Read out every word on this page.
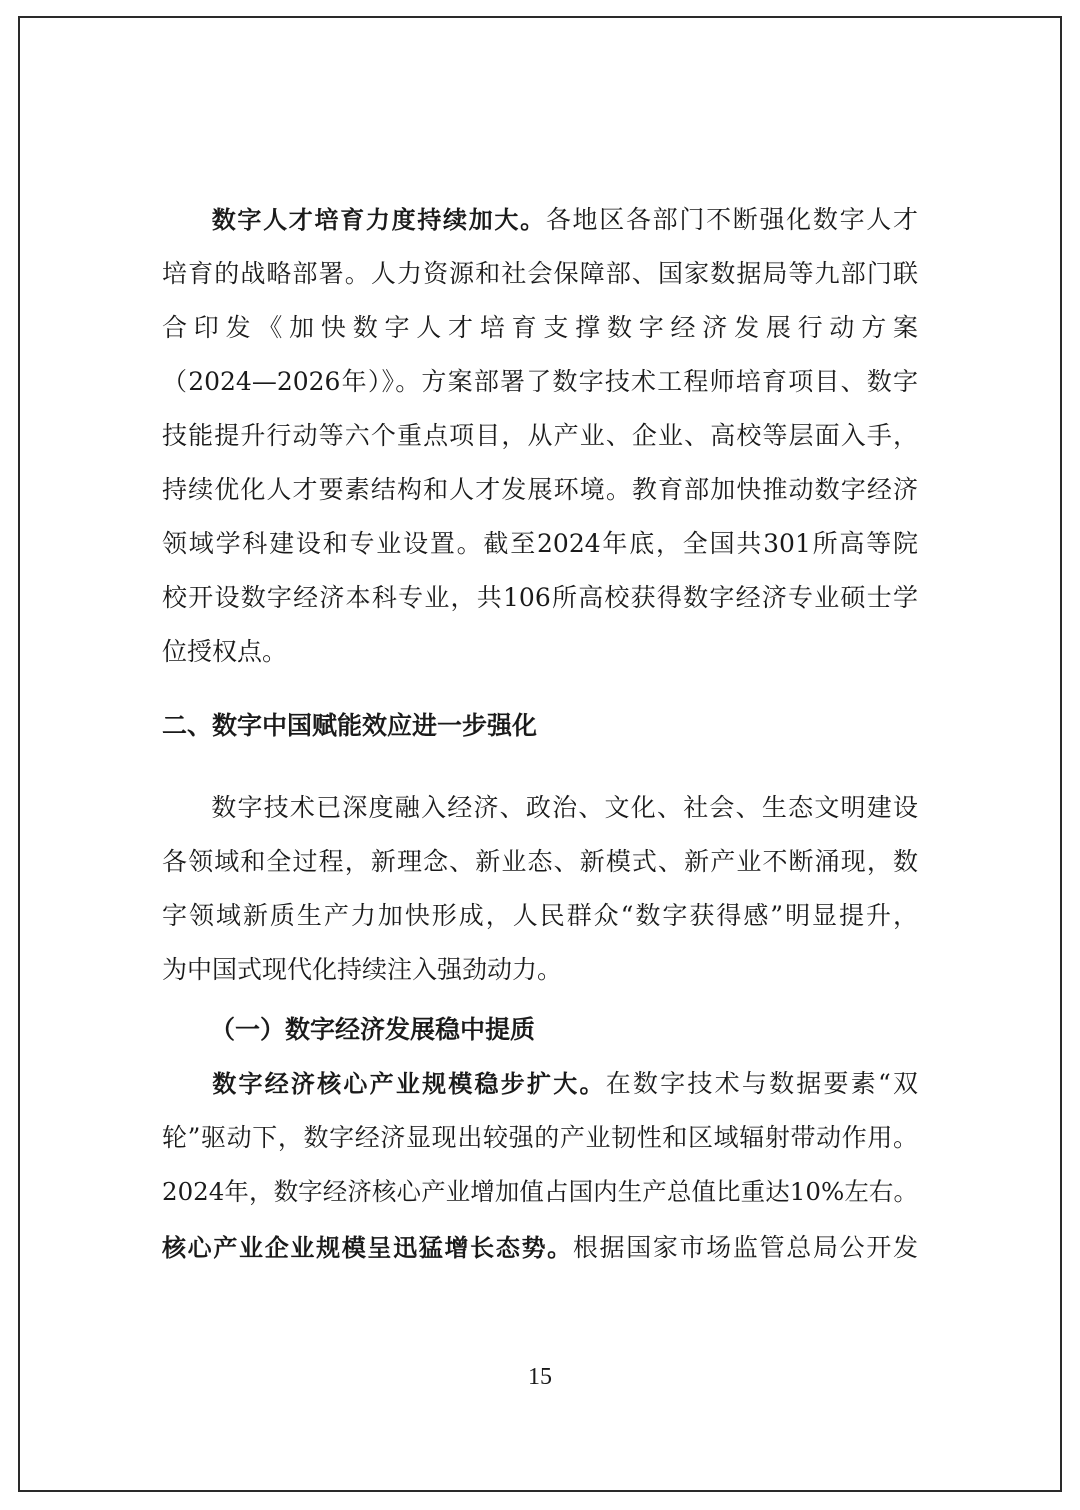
数字人才培育力度持续加大。各地区各部门不断强化数字人才
培育的战略部署。人力资源和社会保障部、国家数据局等九部门联
合印发《加快数字人才培育支撑数字经济发展行动方案
（2024—2026年）》。方案部署了数字技术工程师培育项目、数字
技能提升行动等六个重点项目，从产业、企业、高校等层面入手，
持续优化人才要素结构和人才发展环境。教育部加快推动数字经济
领域学科建设和专业设置。截至2024年底，全国共301所高等院
校开设数字经济本科专业，共106所高校获得数字经济专业硕士学
位授权点。
二、数字中国赋能效应进一步强化
数字技术已深度融入经济、政治、文化、社会、生态文明建设
各领域和全过程，新理念、新业态、新模式、新产业不断涌现，数
字领域新质生产力加快形成，人民群众“数字获得感”明显提升，
为中国式现代化持续注入强劲动力。
（一）数字经济发展稳中提质
数字经济核心产业规模稳步扩大。在数字技术与数据要素“双
轮”驱动下，数字经济显现出较强的产业韧性和区域辐射带动作用。
2024年，数字经济核心产业增加值占国内生产总值比重达10%左右。
核心产业企业规模呈迅猛增长态势。根据国家市场监管总局公开发
15
